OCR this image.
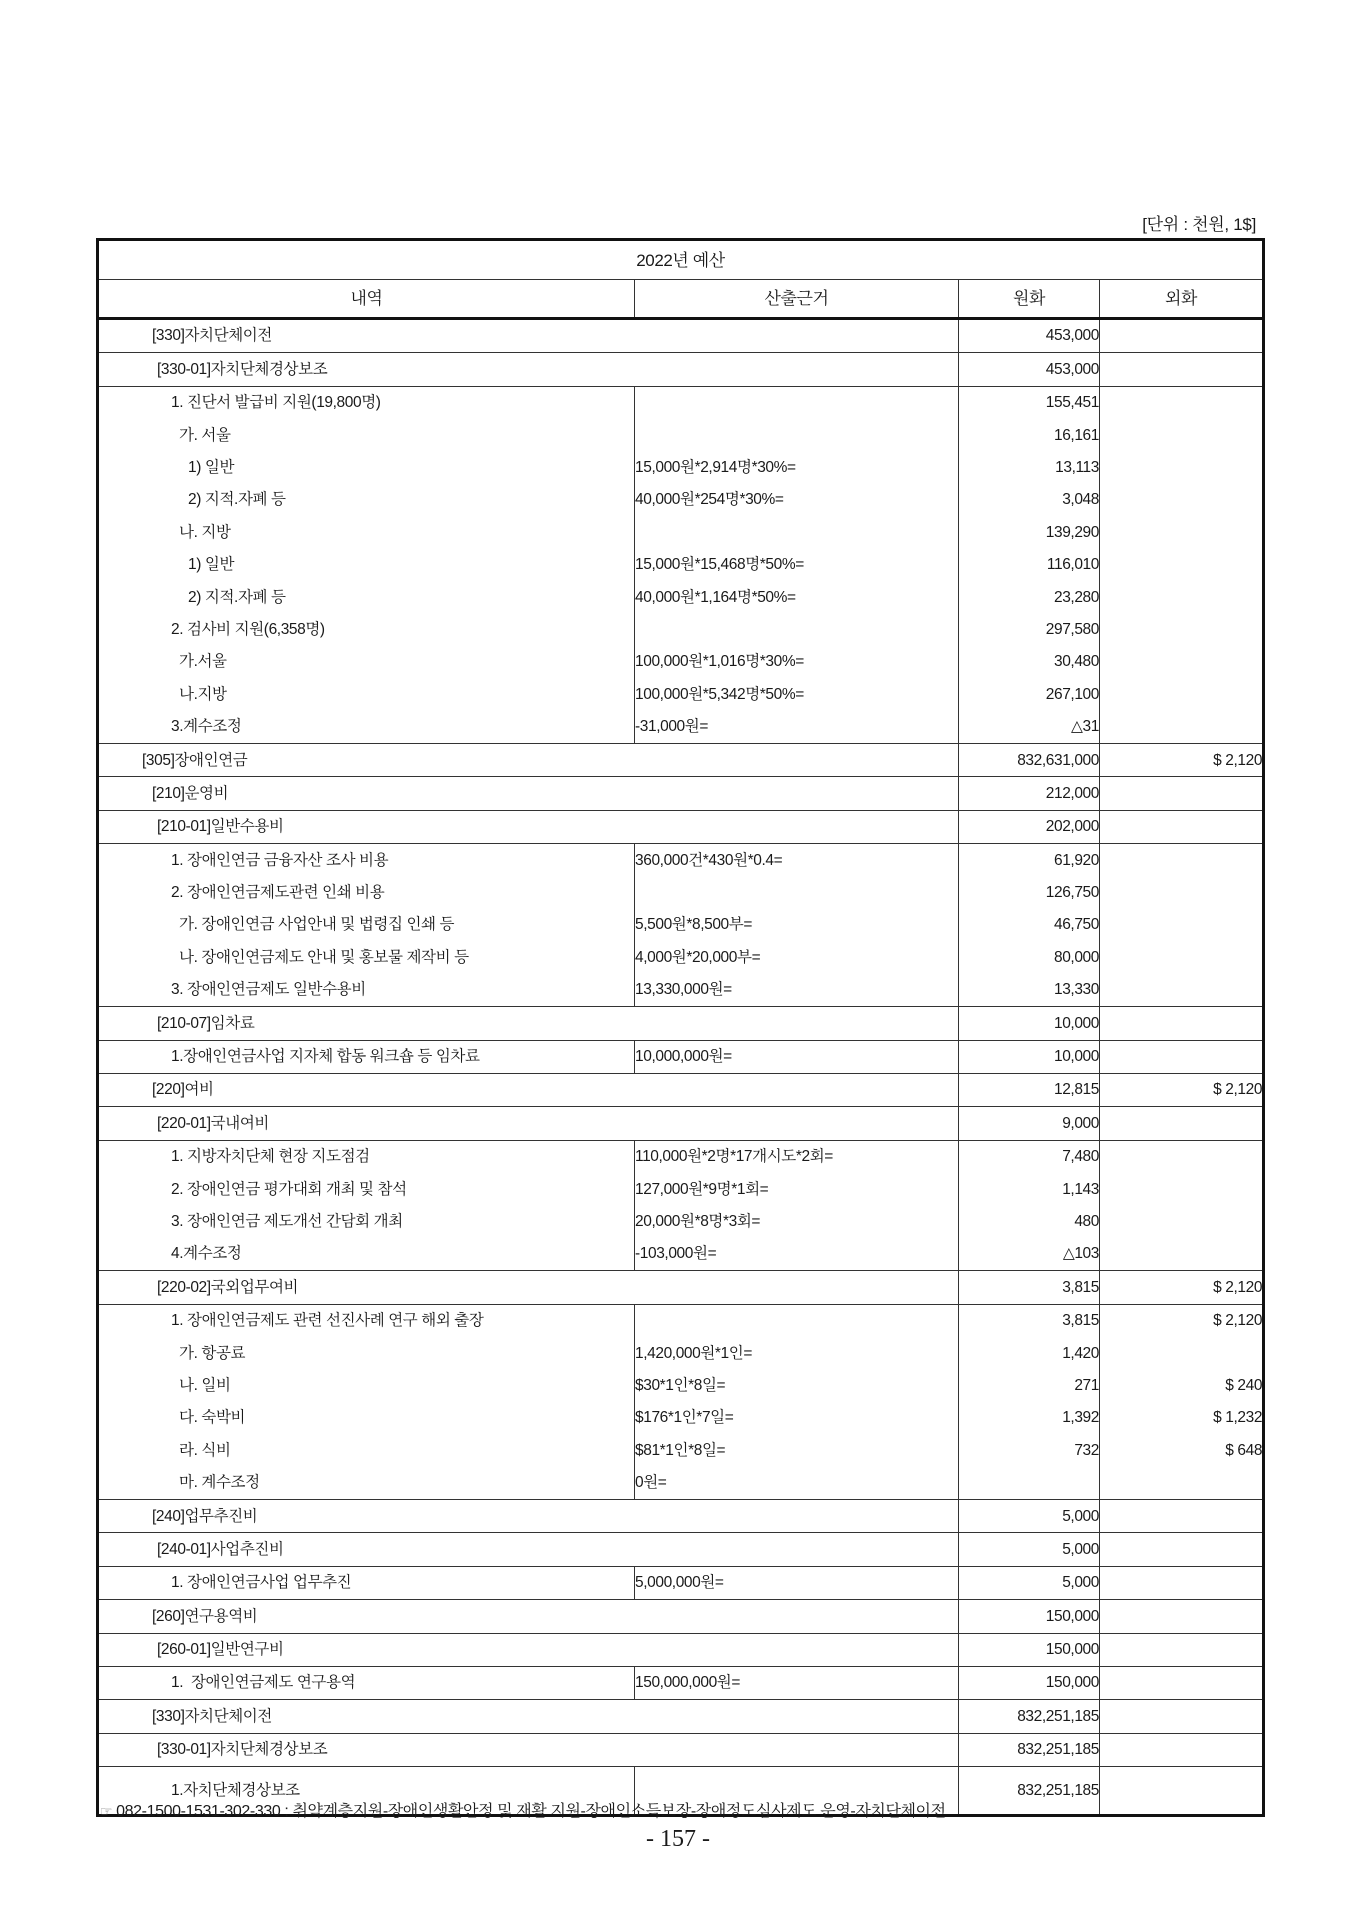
[단위 : 천원, 1$]
2022년 예산			
내역	산출근거	원화	외화
[330]자치단체이전		453,000	
[330-01]자치단체경상보조		453,000	
1. 진단서 발급비 지원(19,800명)		155,451	
가. 서울		16,161	
1) 일반	15,000원*2,914명*30%=	13,113	
2) 지적.자폐 등	40,000원*254명*30%=	3,048	
나. 지방		139,290	
1) 일반	15,000원*15,468명*50%=	116,010	
2) 지적.자폐 등	40,000원*1,164명*50%=	23,280	
2. 검사비 지원(6,358명)		297,580	
가.서울	100,000원*1,016명*30%=	30,480	
나.지방	100,000원*5,342명*50%=	267,100	
3.계수조정	-31,000원=	△31	
[305]장애인연금		832,631,000	$ 2,120
[210]운영비		212,000	
[210-01]일반수용비		202,000	
1. 장애인연금 금융자산 조사 비용	360,000건*430원*0.4=	61,920	
2. 장애인연금제도관련 인쇄 비용		126,750	
가. 장애인연금 사업안내 및 법령집 인쇄 등	5,500원*8,500부=	46,750	
나. 장애인연금제도 안내 및 홍보물 제작비 등	4,000원*20,000부=	80,000	
3. 장애인연금제도 일반수용비	13,330,000원=	13,330	
[210-07]임차료		10,000	
1.장애인연금사업 지자체 합동 워크숍 등 임차료	10,000,000원=	10,000	
[220]여비		12,815	$ 2,120
[220-01]국내여비		9,000	
1. 지방자치단체 현장 지도점검	110,000원*2명*17개시도*2회=	7,480	
2. 장애인연금 평가대회 개최 및 참석	127,000원*9명*1회=	1,143	
3. 장애인연금 제도개선 간담회 개최	20,000원*8명*3회=	480	
4.계수조정	-103,000원=	△103	
[220-02]국외업무여비		3,815	$ 2,120
1. 장애인연금제도 관련 선진사례 연구 해외 출장		3,815	$ 2,120
가. 항공료	1,420,000원*1인=	1,420	
나. 일비	$30*1인*8일=	271	$ 240
다. 숙박비	$176*1인*7일=	1,392	$ 1,232
라. 식비	$81*1인*8일=	732	$ 648
마. 계수조정	0원=		
[240]업무추진비		5,000	
[240-01]사업추진비		5,000	
1. 장애인연금사업 업무추진	5,000,000원=	5,000	
[260]연구용역비		150,000	
[260-01]일반연구비		150,000	
1.  장애인연금제도 연구용역	150,000,000원=	150,000	
[330]자치단체이전		832,251,185	
[330-01]자치단체경상보조		832,251,185	
1.자치단체경상보조		832,251,185	
☞ 082-1500-1531-302-330 : 취약계층지원-장애인생활안정 및 재활 지원-장애인소득보장-장애정도심사제도 운영-자치단체이전
- 157 -
